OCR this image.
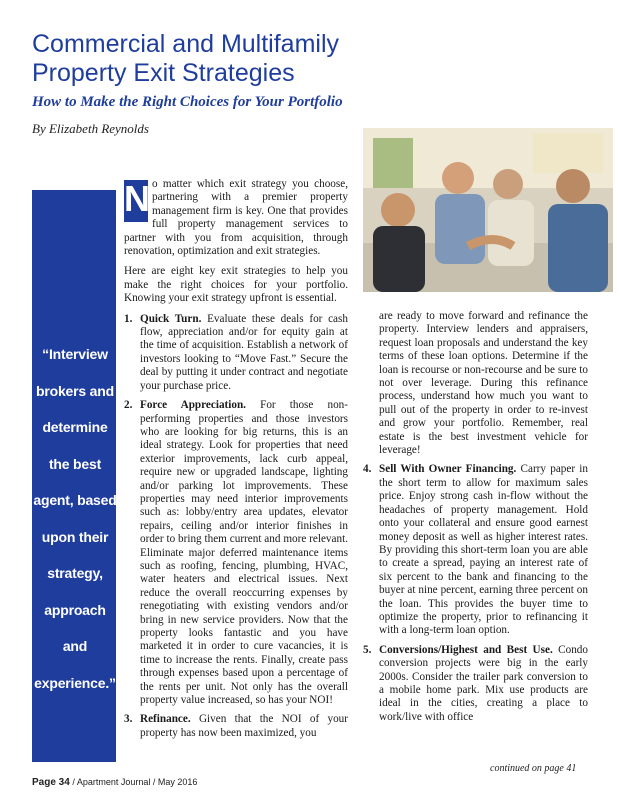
Commercial and Multifamily
Property Exit Strategies
How to Make the Right Choices for Your Portfolio
By Elizabeth Reynolds
“Interview brokers and determine the best agent, based upon their strategy, approach and experience.”

N o matter which exit strategy you choose, partnering with a premier property management firm is key. One that provides full property management services to partner with you from acquisition, through renovation, optimization and exit strategies.

Here are eight key exit strategies to help you make the right choices for your portfolio. Knowing your exit strategy upfront is essential.

1. Quick Turn. Evaluate these deals for cash flow, appreciation and/or for equity gain at the time of acquisition. Establish a network of investors looking to “Move Fast.” Secure the deal by putting it under contract and negotiate your purchase price.
2. Force Appreciation. For those non-performing properties and those investors who are looking for big returns, this is an ideal strategy. Look for properties that need exterior improvements, lack curb appeal, require new or upgraded landscape, lighting and/or parking lot improvements. These properties may need interior improvements such as: lobby/entry area updates, elevator repairs, ceiling and/or interior finishes in order to bring them current and more relevant. Eliminate major deferred maintenance items such as roofing, fencing, plumbing, HVAC, water heaters and electrical issues. Next reduce the overall reoccurring expenses by renegotiating with existing vendors and/or bring in new service providers. Now that the property looks fantastic and you have marketed it in order to cure vacancies, it is time to increase the rents. Finally, create pass through expenses based upon a percentage of the rents per unit. Not only has the overall property value increased, so has your NOI!
3. Refinance. Given that the NOI of your property has now been maximized, you

are ready to move forward and refinance the property. Interview lenders and appraisers, request loan proposals and understand the key terms of these loan options. Determine if the loan is recourse or non-recourse and be sure to not over leverage. During this refinance process, understand how much you want to pull out of the property in order to re-invest and grow your portfolio. Remember, real estate is the best investment vehicle for leverage!

4. Sell With Owner Financing. Carry paper in the short term to allow for maximum sales price. Enjoy strong cash in-flow without the headaches of property management. Hold onto your collateral and ensure good earnest money deposit as well as higher interest rates. By providing this short-term loan you are able to create a spread, paying an interest rate of six percent to the bank and financing to the buyer at nine percent, earning three percent on the loan. This provides the buyer time to optimize the property, prior to refinancing it with a long-term loan option.
5. Conversions/Highest and Best Use. Condo conversion projects were big in the early 2000s. Consider the trailer park conversion to a mobile home park. Mix use products are ideal in the cities, creating a place to work/live with office
continued on page 41
Page 34 / Apartment Journal / May 2016
